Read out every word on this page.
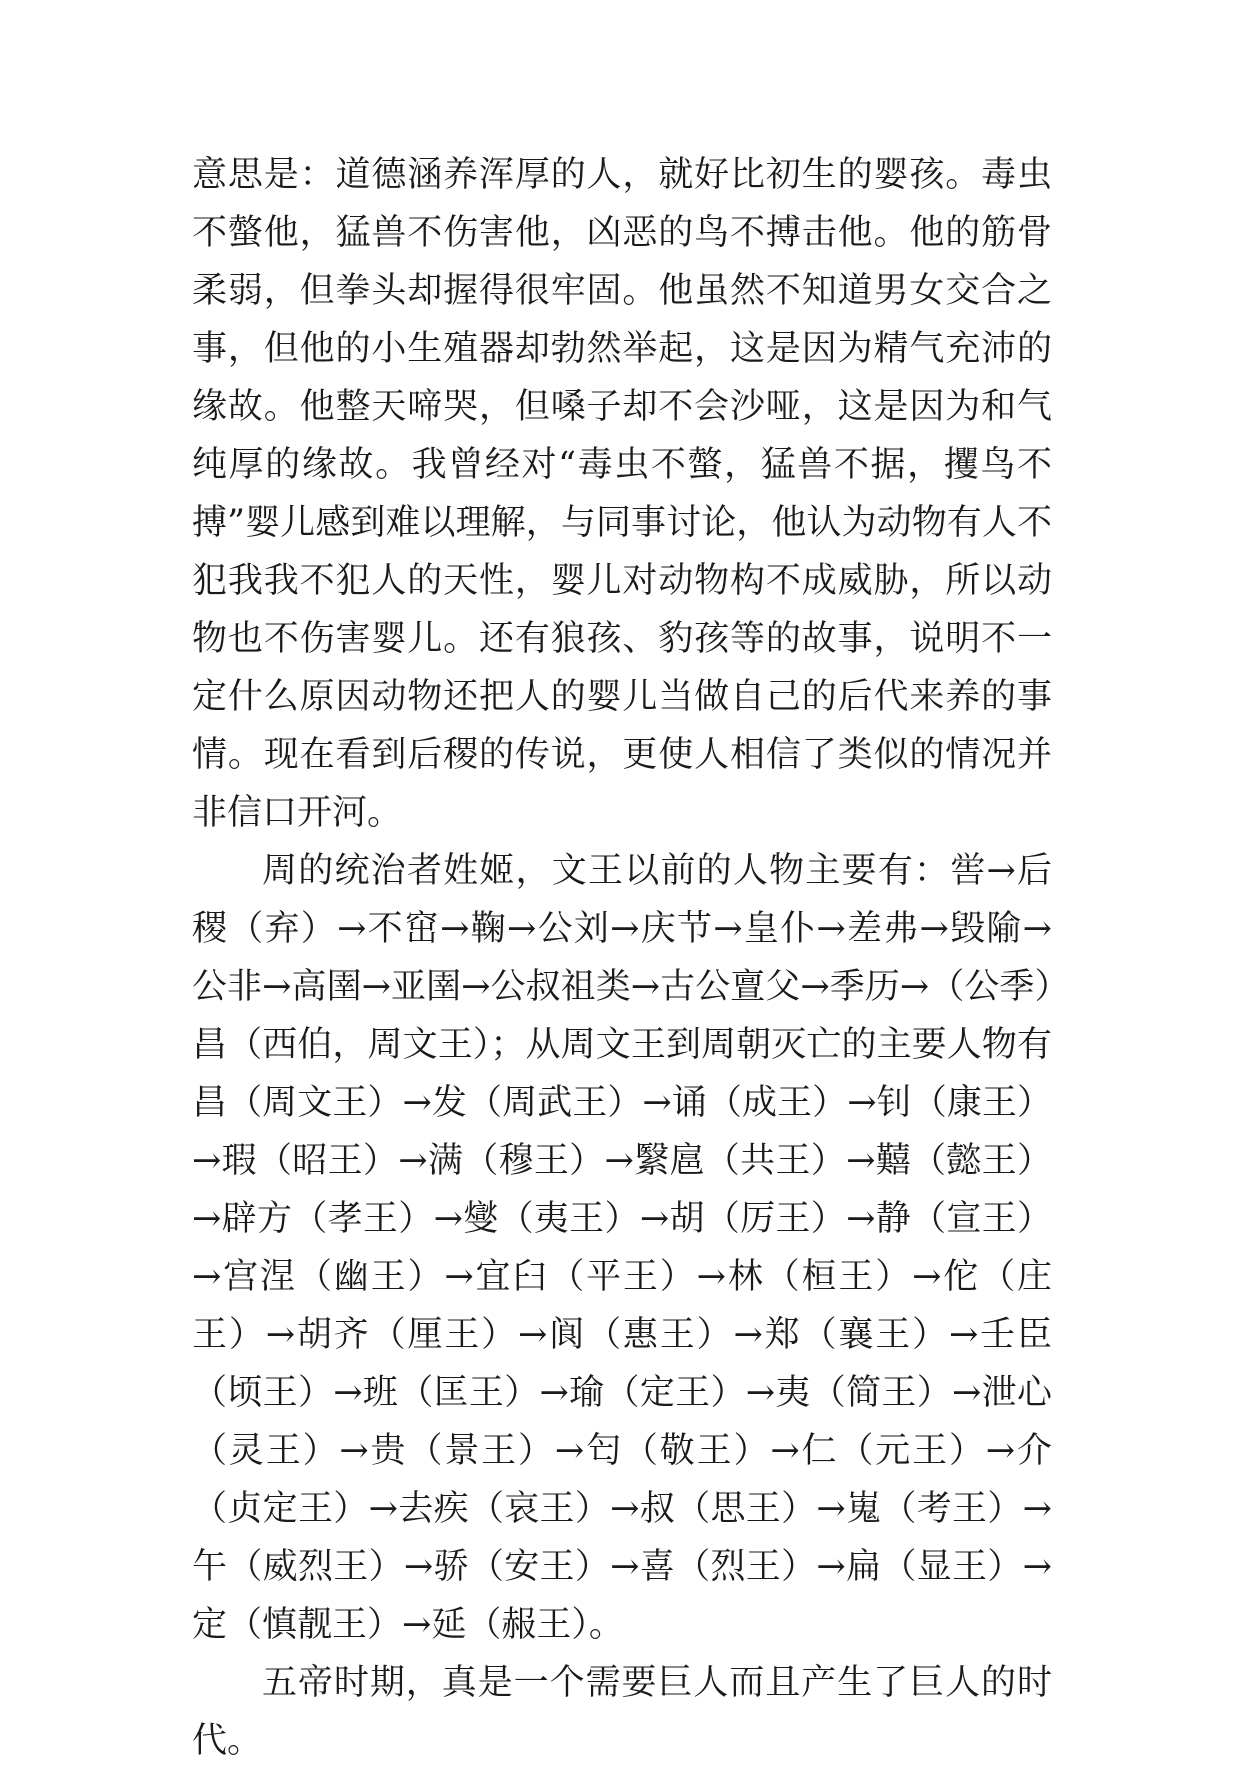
意思是：道德涵养浑厚的人，就好比初生的婴孩。毒虫不螫他，猛兽不伤害他，凶恶的鸟不搏击他。他的筋骨柔弱，但拳头却握得很牢固。他虽然不知道男女交合之事，但他的小生殖器却勃然举起，这是因为精气充沛的缘故。他整天啼哭，但嗓子却不会沙哑，这是因为和气纯厚的缘故。我曾经对“毒虫不螫，猛兽不据，攫鸟不搏”婴儿感到难以理解，与同事讨论，他认为动物有人不犯我我不犯人的天性，婴儿对动物构不成威胁，所以动物也不伤害婴儿。还有狼孩、豹孩等的故事，说明不一定什么原因动物还把人的婴儿当做自己的后代来养的事情。现在看到后稷的传说，更使人相信了类似的情况并非信口开河。

周的统治者姓姬，文王以前的人物主要有：喾→后稷（弃）→不窋→鞠→公刘→庆节→皇仆→差弗→毁隃→公非→高圉→亚圉→公叔祖类→古公亶父→季历→（公季）昌（西伯，周文王）；从周文王到周朝灭亡的主要人物有昌（周文王）→发（周武王）→诵（成王）→钊（康王）→瑕（昭王）→满（穆王）→繄扈（共王）→囏（懿王）→辟方（孝王）→燮（夷王）→胡（厉王）→静（宣王）→宫涅（幽王）→宜臼（平王）→林（桓王）→佗（庄王）→胡齐（厘王）→阆（惠王）→郑（襄王）→壬臣（顷王）→班（匡王）→瑜（定王）→夷（简王）→泄心（灵王）→贵（景王）→匄（敬王）→仁（元王）→介（贞定王）→去疾（哀王）→叔（思王）→嵬（考王）→午（威烈王）→骄（安王）→喜（烈王）→扁（显王）→定（慎靓王）→延（赧王）。

五帝时期，真是一个需要巨人而且产生了巨人的时代。
